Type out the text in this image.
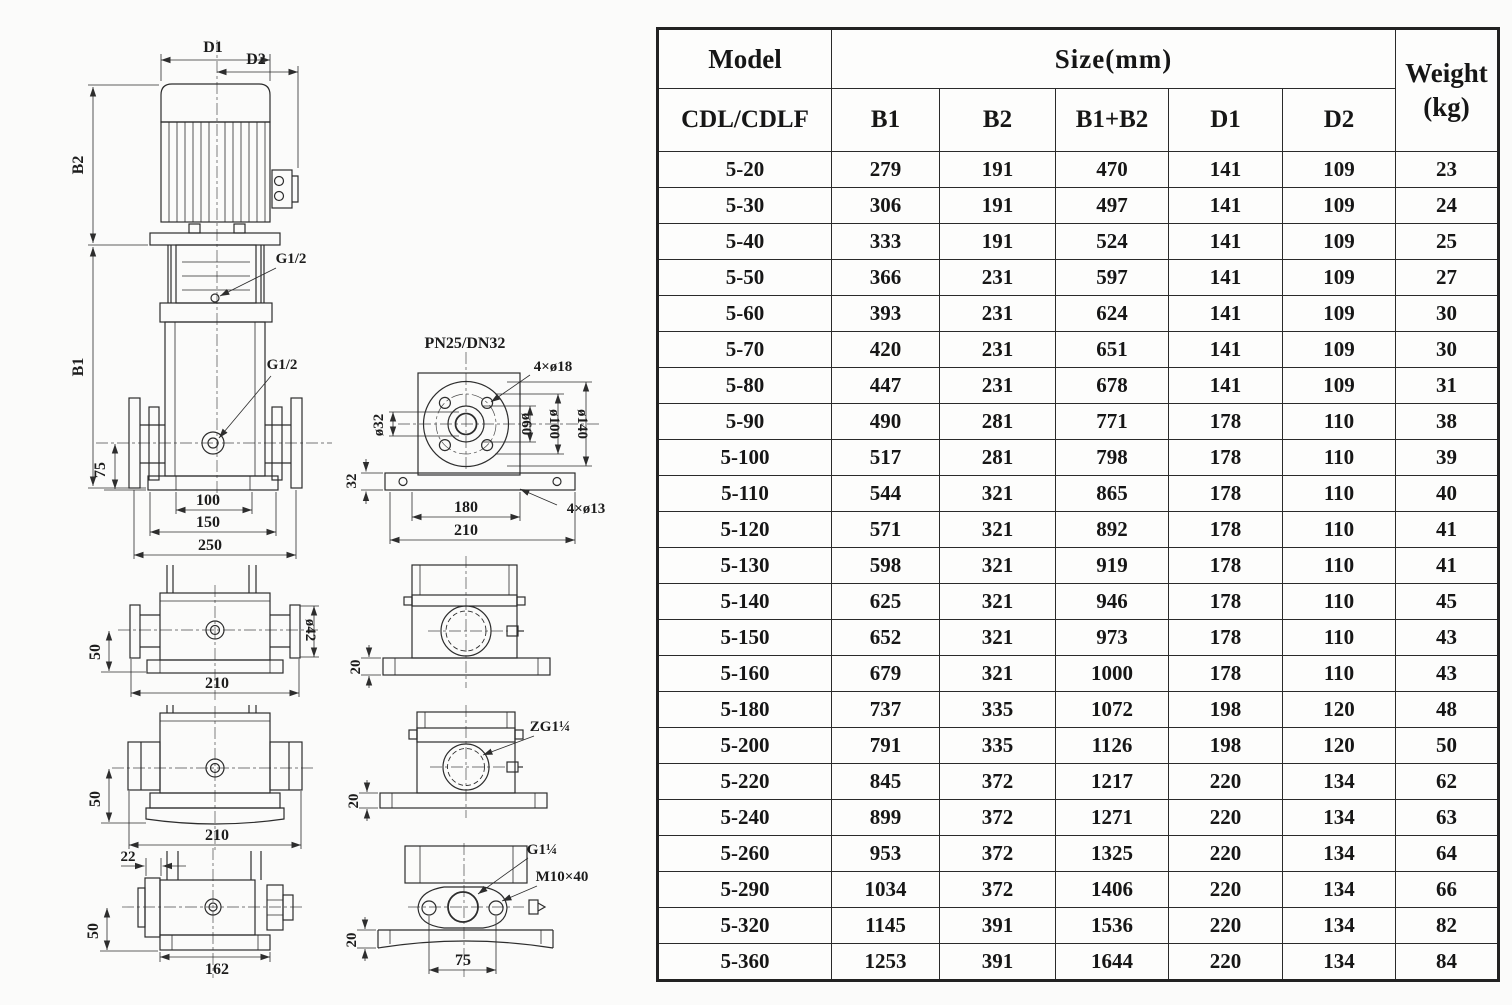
D1
D2
B2
B1
G1/2
G1/2
75
100
150
250
PN25/DN32
4×ø18
ø32	ø60 ø100 ø140
32
180
210
4×ø13
ø42
50
210
20
50
210
ZG1¼
20
22
50
162
G1¼
M10×40
20
75
Model	Size(mm)					Weight
(kg)

CDL/CDLF	B1	B2	B1+B2	D1	D2	
5-20	279	191	470	141	109	23
5-30	306	191	497	141	109	24
5-40	333	191	524	141	109	25
5-50	366	231	597	141	109	27
5-60	393	231	624	141	109	30
5-70	420	231	651	141	109	30
5-80	447	231	678	141	109	31
5-90	490	281	771	178	110	38
5-100	517	281	798	178	110	39
5-110	544	321	865	178	110	40
5-120	571	321	892	178	110	41
5-130	598	321	919	178	110	41
5-140	625	321	946	178	110	45
5-150	652	321	973	178	110	43
5-160	679	321	1000	178	110	43
5-180	737	335	1072	198	120	48
5-200	791	335	1126	198	120	50
5-220	845	372	1217	220	134	62
5-240	899	372	1271	220	134	63
5-260	953	372	1325	220	134	64
5-290	1034	372	1406	220	134	66
5-320	1145	391	1536	220	134	82
5-360	1253	391	1644	220	134	84
